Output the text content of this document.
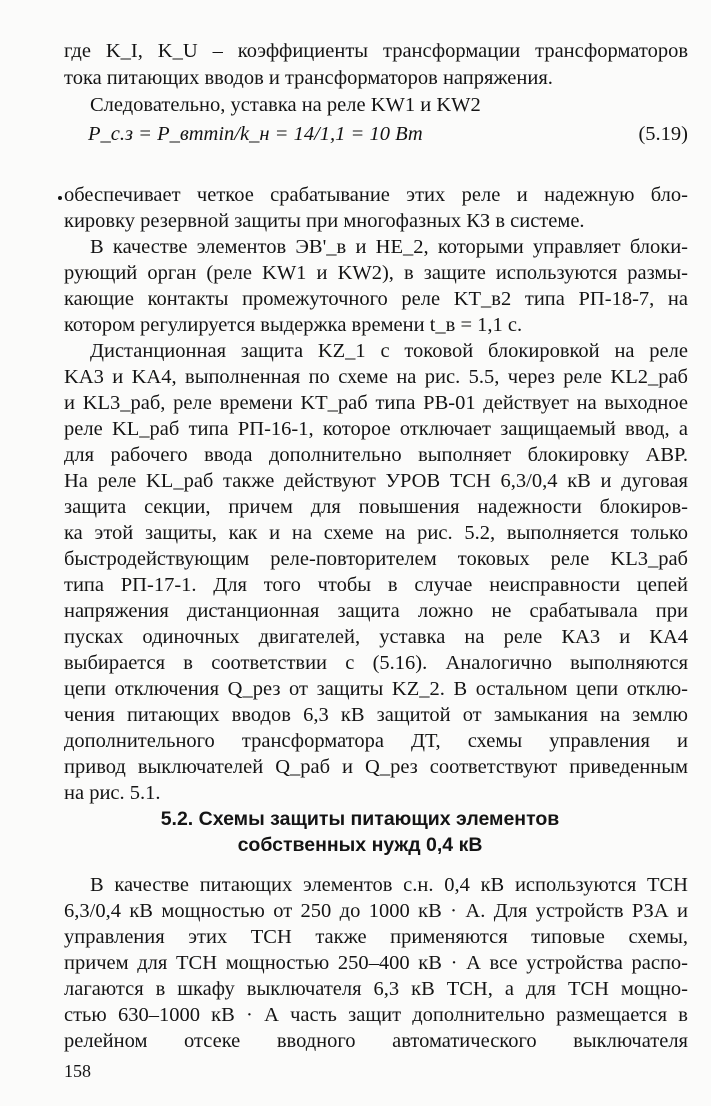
где K_I, K_U – коэффициенты трансформации трансформаторов
тока питающих вводов и трансформаторов напряжения.
Следовательно, уставка на реле KW1 и KW2
P_с.з = P_втmin/k_н = 14/1,1 = 10 Вт	(5.19)
обеспечивает четкое срабатывание этих реле и надежную бло-
кировку резервной защиты при многофазных КЗ в системе.
В качестве элементов ЭВ'_в и HE_2, которыми управляет блоки-
рующий орган (реле KW1 и KW2), в защите используются размы-
кающие контакты промежуточного реле KT_в2 типа РП-18-7, на
котором регулируется выдержка времени t_в = 1,1 с.
Дистанционная защита KZ_1 с токовой блокировкой на реле
KA3 и KA4, выполненная по схеме на рис. 5.5, через реле KL2_раб
и KL3_раб, реле времени KT_раб типа РВ-01 действует на выходное
реле KL_раб типа РП-16-1, которое отключает защищаемый ввод, а
для рабочего ввода дополнительно выполняет блокировку АВР.
На реле KL_раб также действуют УРОВ ТСН 6,3/0,4 кВ и дуговая
защита секции, причем для повышения надежности блокиров-
ка этой защиты, как и на схеме на рис. 5.2, выполняется только
быстродействующим реле-повторителем токовых реле KL3_раб
типа РП-17-1. Для того чтобы в случае неисправности цепей
напряжения дистанционная защита ложно не срабатывала при
пусках одиночных двигателей, уставка на реле КА3 и КА4
выбирается в соответствии с (5.16). Аналогично выполняются
цепи отключения Q_рез от защиты KZ_2. В остальном цепи отклю-
чения питающих вводов 6,3 кВ защитой от замыкания на землю
дополнительного трансформатора ДТ, схемы управления и
привод выключателей Q_раб и Q_рез соответствуют приведенным
на рис. 5.1.
5.2. Схемы защиты питающих элементов
собственных нужд 0,4 кВ
В качестве питающих элементов с.н. 0,4 кВ используются ТСН
6,3/0,4 кВ мощностью от 250 до 1000 кВ · А. Для устройств РЗА и
управления этих ТСН также применяются типовые схемы,
причем для ТСН мощностью 250–400 кВ · А все устройства распо-
лагаются в шкафу выключателя 6,3 кВ ТСН, а для ТСН мощно-
стью 630–1000 кВ · А часть защит дополнительно размещается в
релейном отсеке вводного автоматического выключателя
158
